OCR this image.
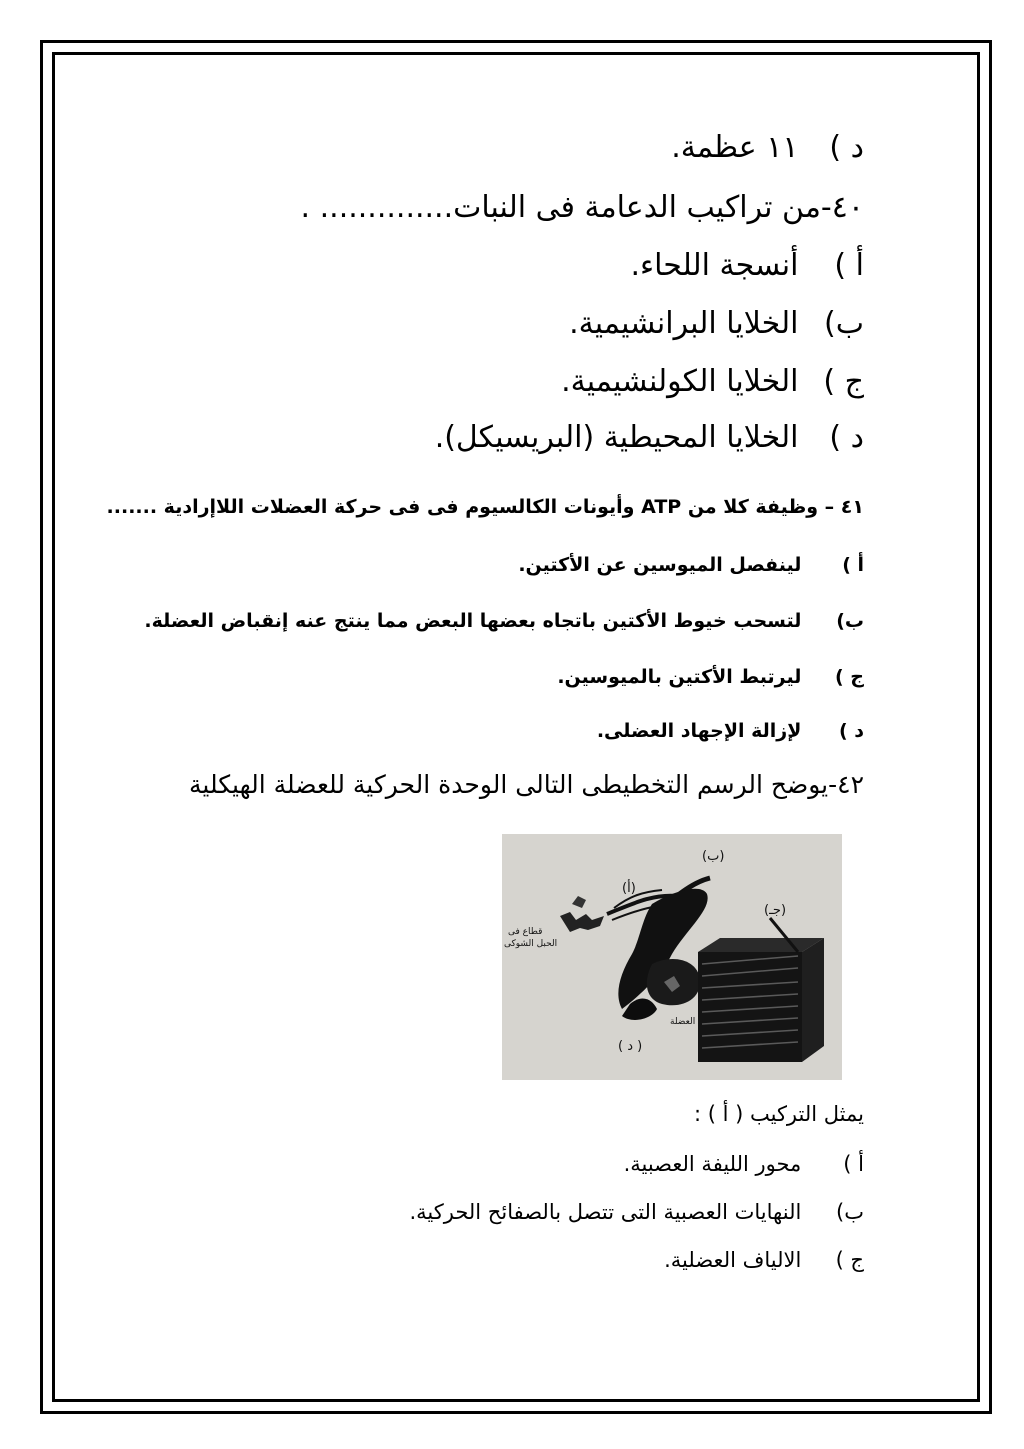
د ) ١١ عظمة.
٤٠-من تراكيب الدعامة فى النبات.............. .
أ ) أنسجة اللحاء.
ب) الخلايا البرانشيمية.
ج ) الخلايا الكولنشيمية.
د ) الخلايا المحيطية (البريسيكل).
٤١ – وظيفة كلا من ATP وأيونات الكالسيوم فى فى حركة العضلات اللاإرادية .......
أ ) لينفصل الميوسين عن الأكتين.
ب) لتسحب خيوط الأكتين باتجاه بعضها البعض مما ينتج عنه إنقباض العضلة.
ج ) ليرتبط الأكتين بالميوسين.
د ) لإزالة الإجهاد العضلى.
٤٢-يوضح الرسم التخطيطى التالى الوحدة الحركية للعضلة الهيكلية
يمثل التركيب ( أ ) :
أ ) محور الليفة العصبية.
ب) النهايات العصبية التى تتصل بالصفائح الحركية.
ج ) الالياف العضلية.
(أ)
(ب)
(جـ)
( د )
العضلة
قطاع فى
الحبل الشوكى
